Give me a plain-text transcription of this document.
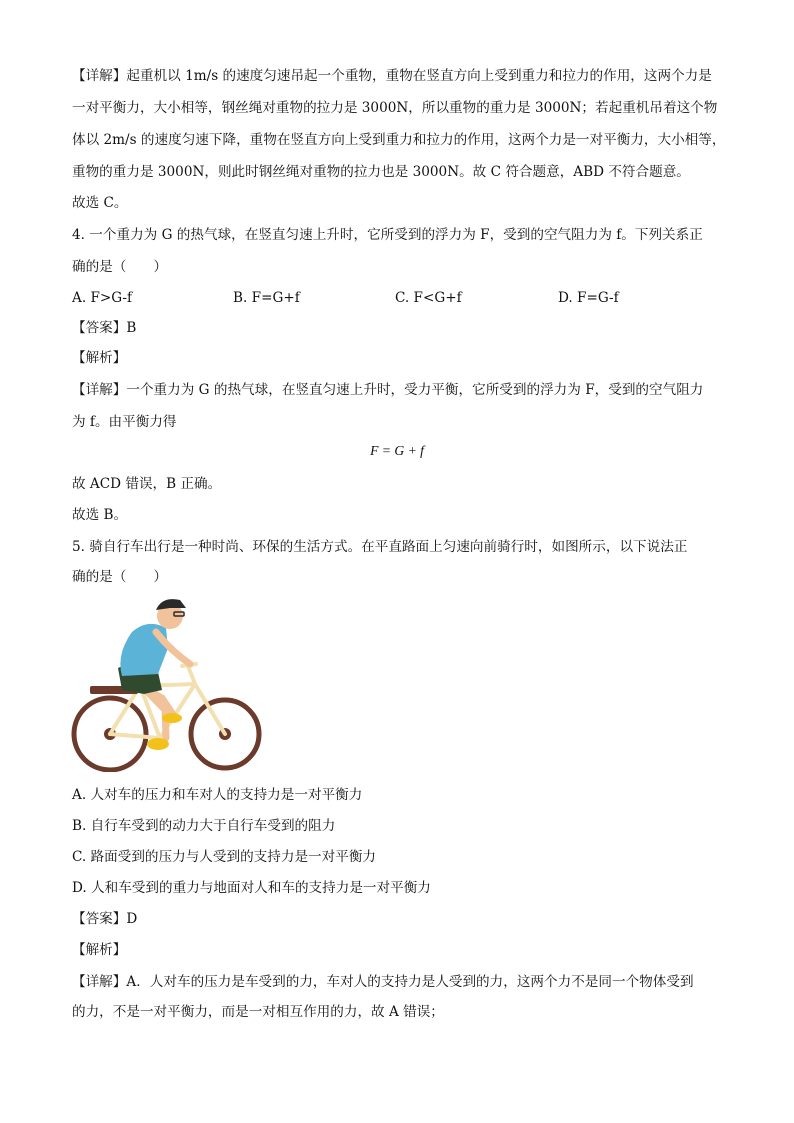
【详解】起重机以 1m/s 的速度匀速吊起一个重物，重物在竖直方向上受到重力和拉力的作用，这两个力是
一对平衡力，大小相等，钢丝绳对重物的拉力是 3000N，所以重物的重力是 3000N；若起重机吊着这个物
体以 2m/s 的速度匀速下降，重物在竖直方向上受到重力和拉力的作用，这两个力是一对平衡力，大小相等，
重物的重力是 3000N，则此时钢丝绳对重物的拉力也是 3000N。故 C 符合题意，ABD 不符合题意。
故选 C。
4. 一个重力为 G 的热气球，在竖直匀速上升时，它所受到的浮力为 F，受到的空气阻力为 f。下列关系正
确的是（　　）
A. F>G-f	B. F=G+f	C. F<G+f	D. F=G-f
【答案】B
【解析】
【详解】一个重力为 G 的热气球，在竖直匀速上升时，受力平衡，它所受到的浮力为 F，受到的空气阻力
为 f。由平衡力得
F = G + f
故 ACD 错误，B 正确。
故选 B。
5. 骑自行车出行是一种时尚、环保的生活方式。在平直路面上匀速向前骑行时，如图所示，以下说法正
确的是（　　）
A. 人对车的压力和车对人的支持力是一对平衡力
B. 自行车受到的动力大于自行车受到的阻力
C. 路面受到的压力与人受到的支持力是一对平衡力
D. 人和车受到的重力与地面对人和车的支持力是一对平衡力
【答案】D
【解析】
【详解】A．人对车的压力是车受到的力，车对人的支持力是人受到的力，这两个力不是同一个物体受到
的力，不是一对平衡力，而是一对相互作用的力，故 A 错误；
